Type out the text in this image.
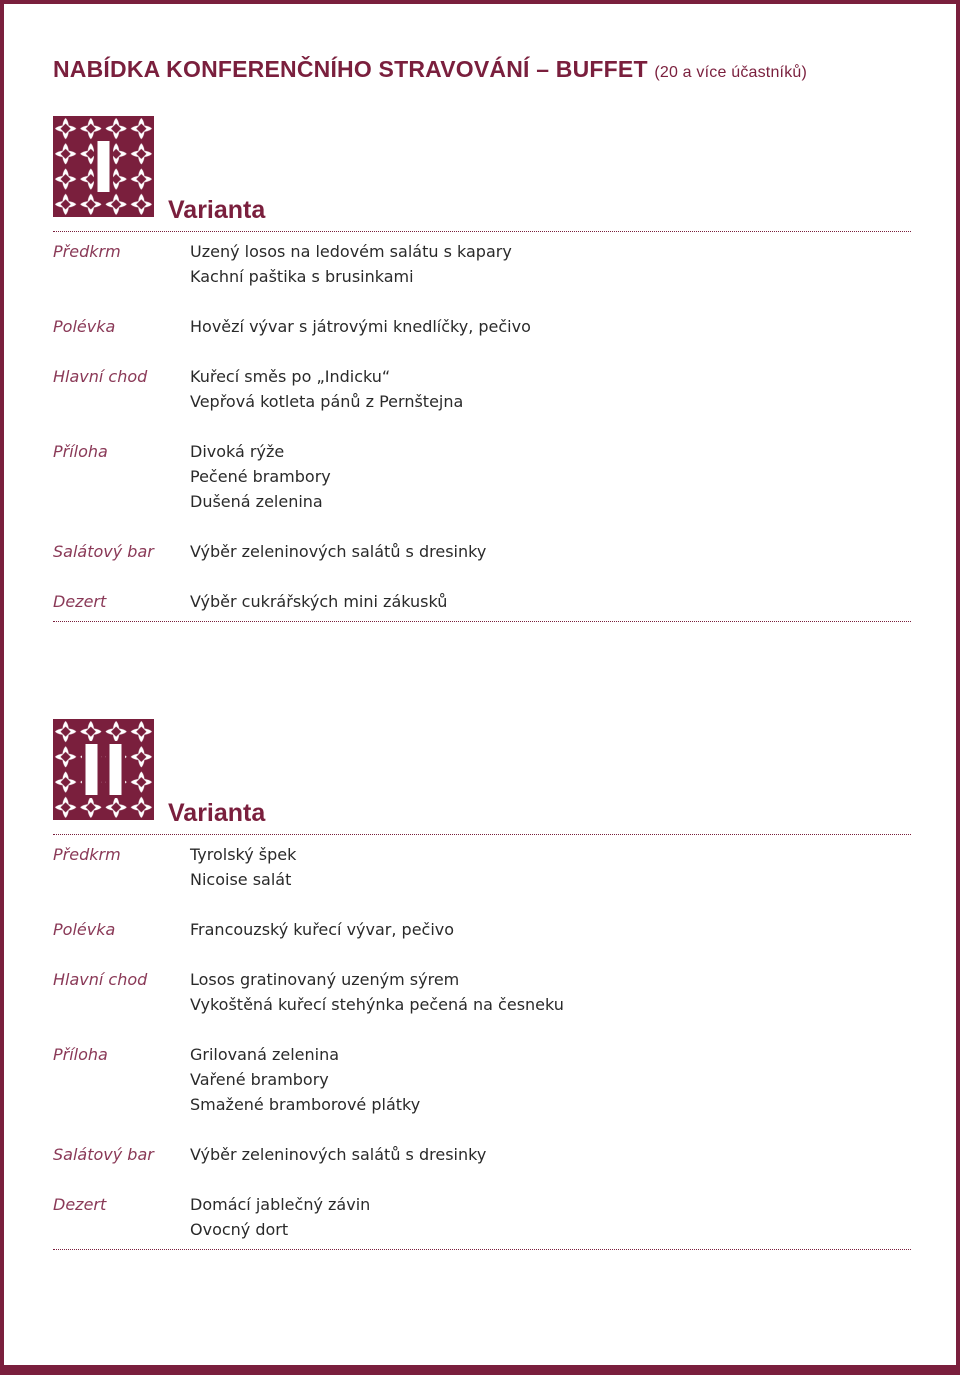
NABÍDKA KONFERENČNÍHO STRAVOVÁNÍ – BUFFET (20 a více účastníků)
Varianta
Předkrm	Uzený losos na ledovém salátu s kapary
Kachní paštika s brusinkami
Polévka	Hovězí vývar s játrovými knedlíčky, pečivo
Hlavní chod	Kuřecí směs po „Indicku“
Vepřová kotleta pánů z Pernštejna
Příloha	Divoká rýže
Pečené brambory
Dušená zelenina
Salátový bar	Výběr zeleninových salátů s dresinky
Dezert	Výběr cukrářských mini zákusků
Varianta
Předkrm	Tyrolský špek
Nicoise salát
Polévka	Francouzský kuřecí vývar, pečivo
Hlavní chod	Losos gratinovaný uzeným sýrem
Vykoštěná kuřecí stehýnka pečená na česneku
Příloha	Grilovaná zelenina
Vařené brambory
Smažené bramborové plátky
Salátový bar	Výběr zeleninových salátů s dresinky
Dezert	Domácí jablečný závin
Ovocný dort
